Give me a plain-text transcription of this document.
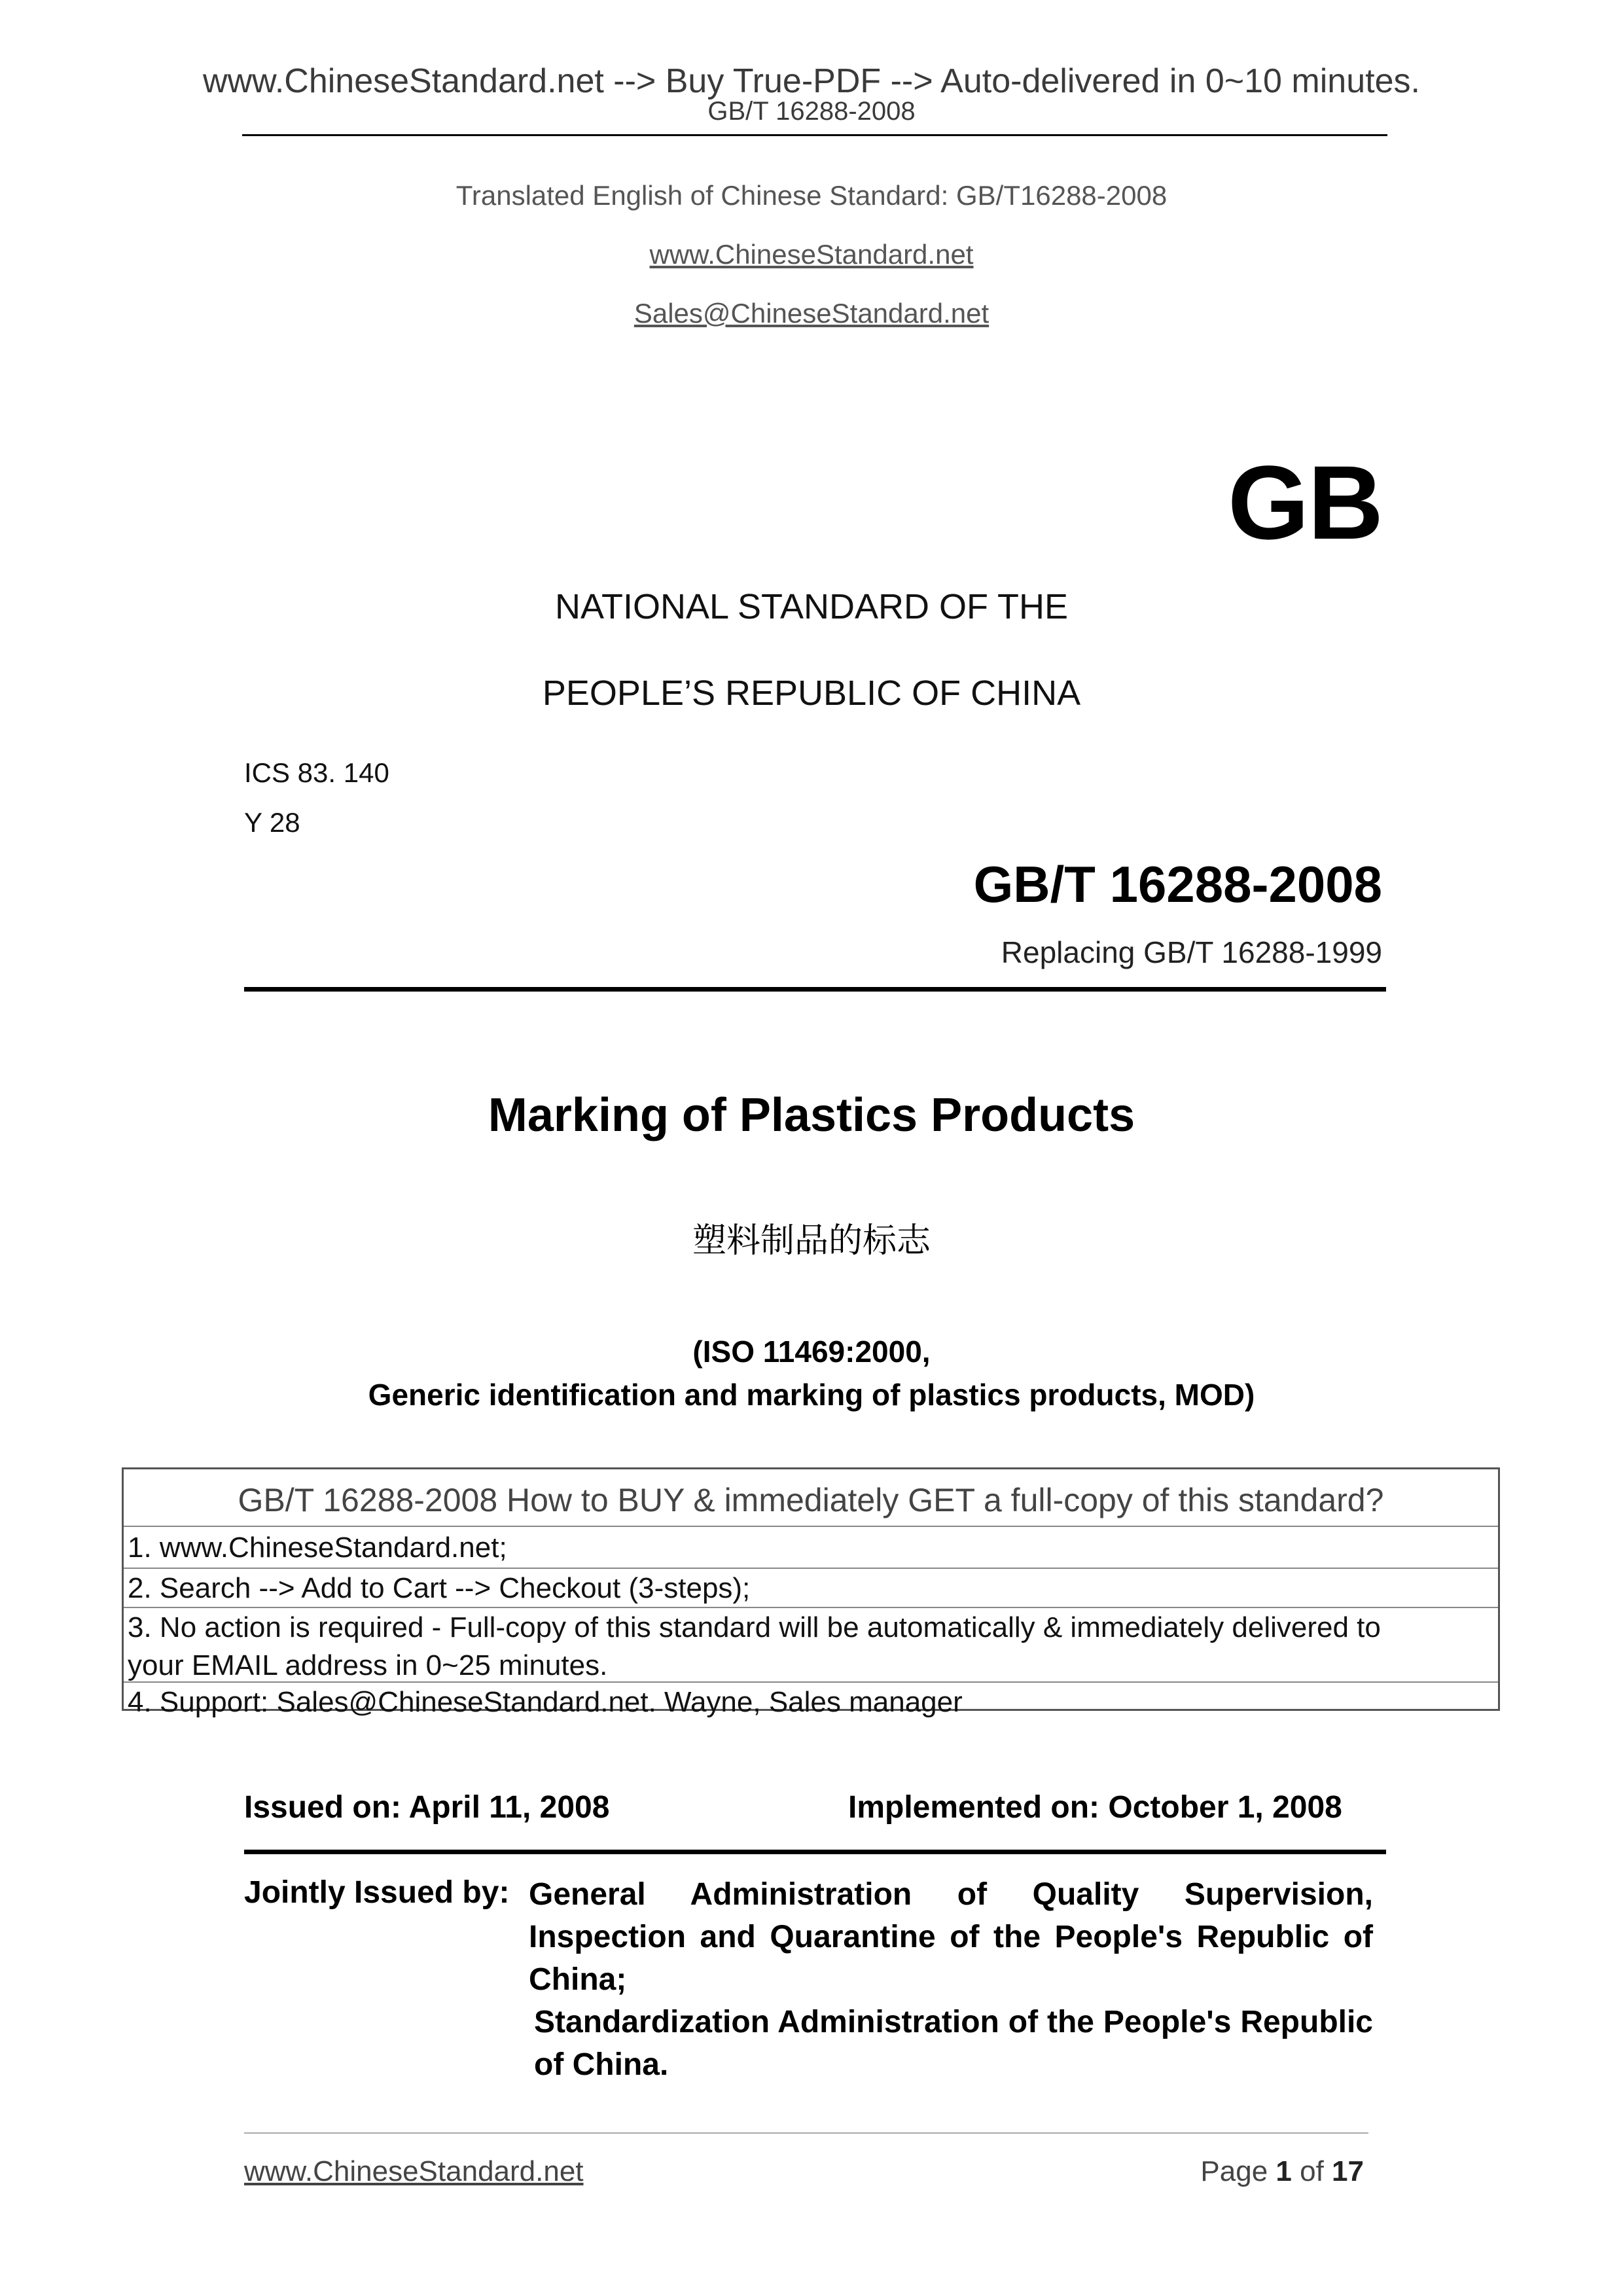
www.ChineseStandard.net --> Buy True-PDF --> Auto-delivered in 0~10 minutes.
GB/T 16288-2008
Translated English of Chinese Standard: GB/T16288-2008
www.ChineseStandard.net
Sales@ChineseStandard.net
GB
NATIONAL STANDARD OF THE
PEOPLE’S REPUBLIC OF CHINA
ICS 83. 140
Y 28
GB/T 16288-2008
Replacing GB/T 16288-1999
Marking of Plastics Products
塑料制品的标志
(ISO 11469:2000,
Generic identification and marking of plastics products, MOD)
GB/T 16288-2008 How to BUY & immediately GET a full-copy of this standard?
1. www.ChineseStandard.net;
2. Search --> Add to Cart --> Checkout (3-steps);
3. No action is required - Full-copy of this standard will be automatically & immediately delivered to
your EMAIL address in 0~25 minutes.
4. Support: Sales@ChineseStandard.net. Wayne, Sales manager
Issued on: April 11, 2008	Implemented on: October 1, 2008
Jointly Issued by: General Administration of Quality Supervision, Inspection and Quarantine of the People's Republic of China;

Standardization Administration of the People's Republic of China.

www.ChineseStandard.net	Page 1 of 17
